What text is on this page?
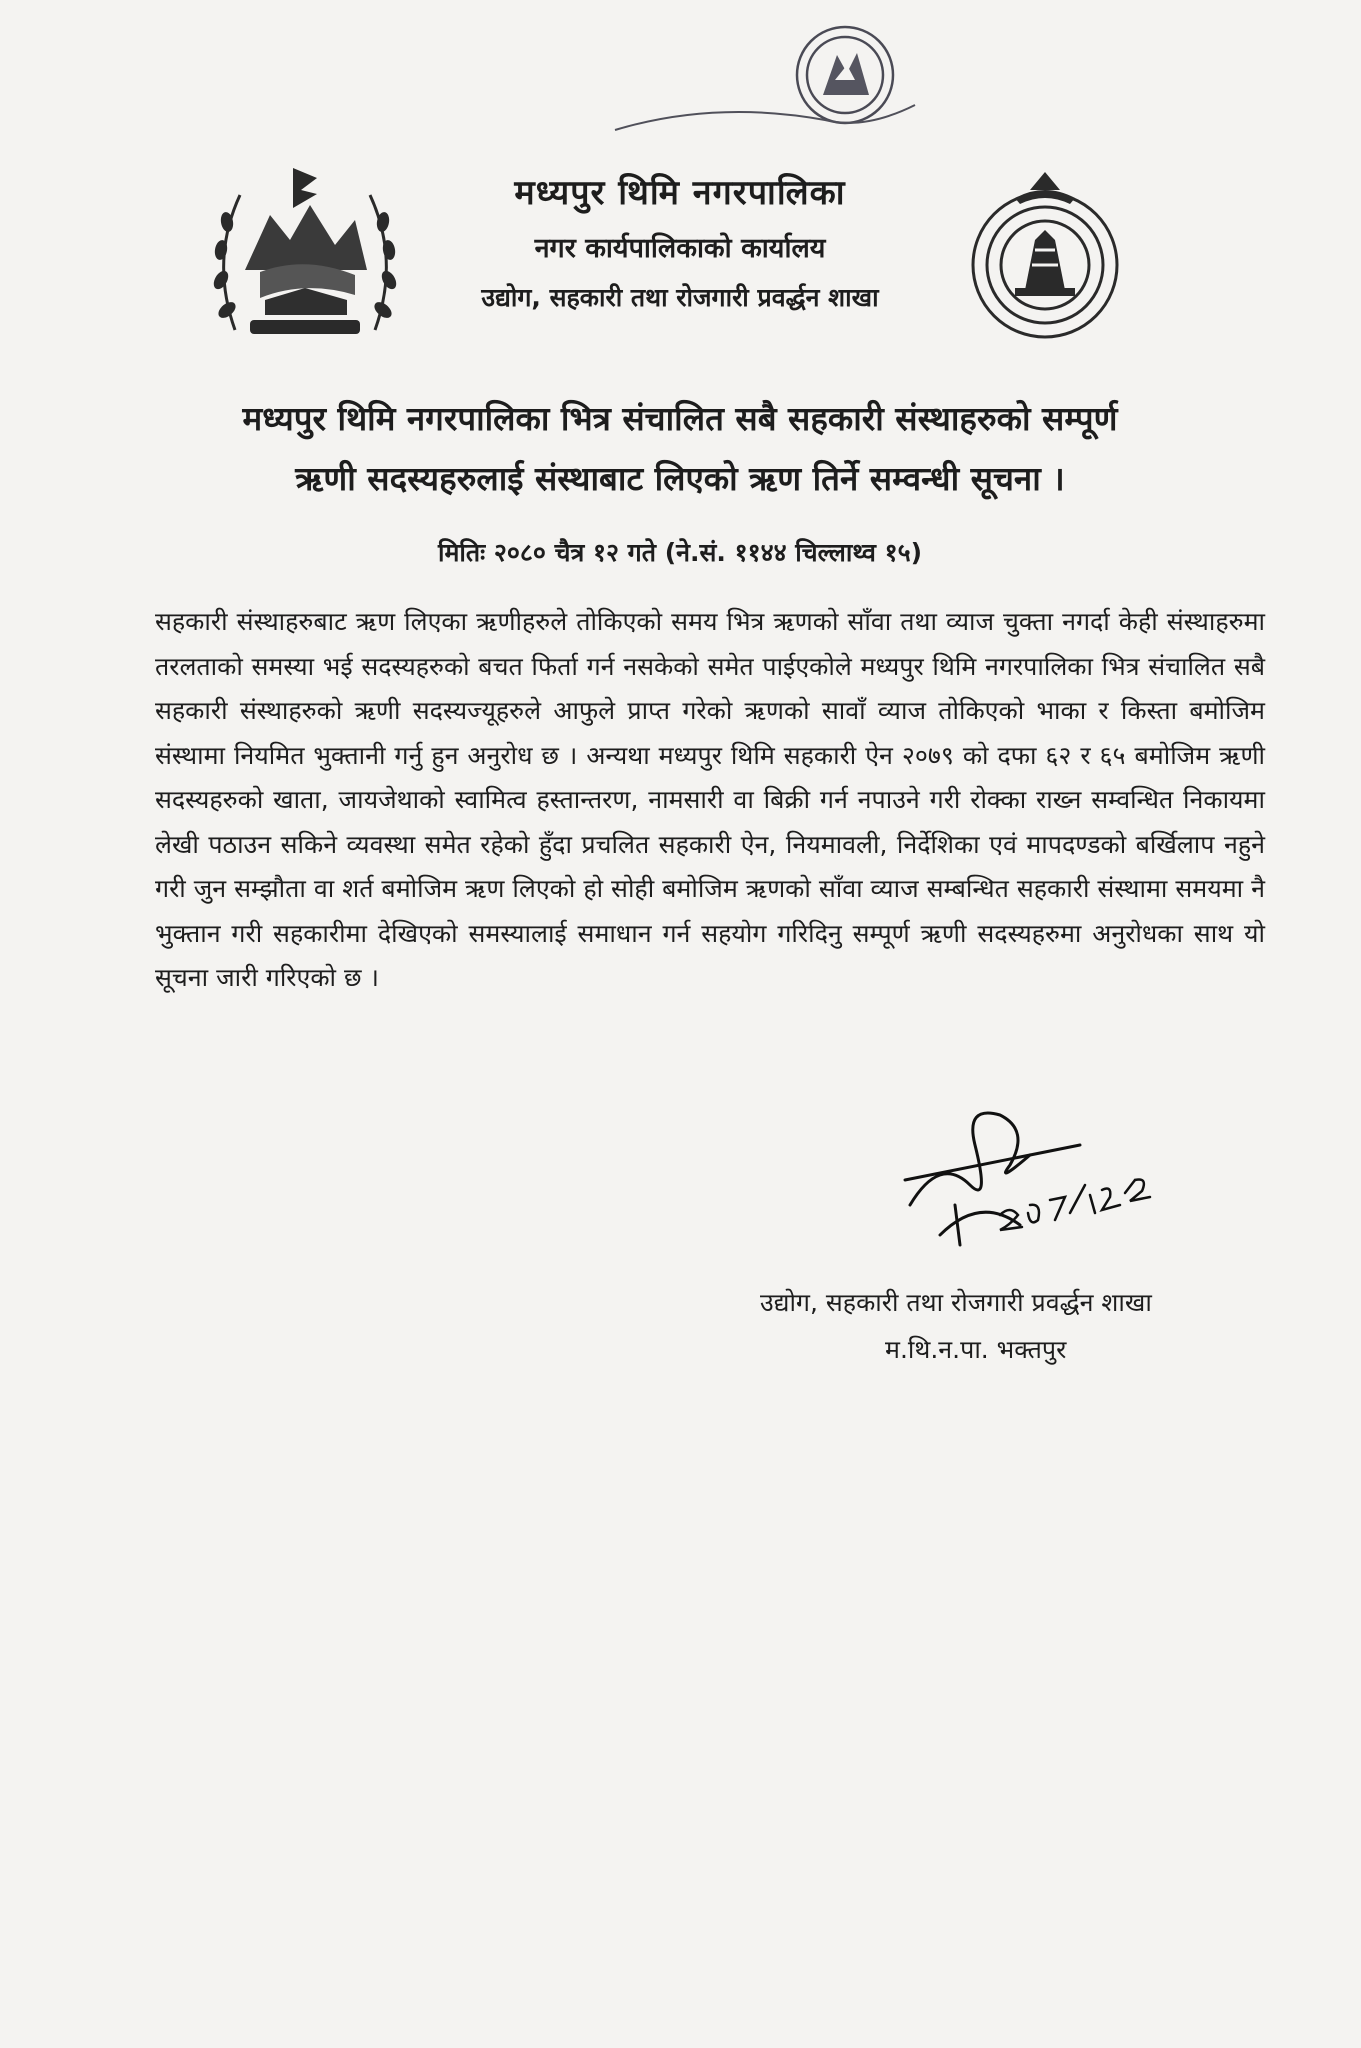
मध्यपुर थिमि नगरपालिका
नगर कार्यपालिकाको कार्यालय
उद्योग, सहकारी तथा रोजगारी प्रवर्द्धन शाखा
मध्यपुर थिमि नगरपालिका भित्र संचालित सबै सहकारी संस्थाहरुको सम्पूर्ण
ऋणी सदस्यहरुलाई संस्थाबाट लिएको ऋण तिर्ने सम्वन्धी सूचना ।
मितिः २०८० चैत्र १२ गते (ने.सं. ११४४ चिल्लाथ्व १५)
सहकारी संस्थाहरुबाट ऋण लिएका ऋणीहरुले तोकिएको समय भित्र ऋणको साँवा तथा व्याज चुक्ता नगर्दा केही संस्थाहरुमा तरलताको समस्या भई सदस्यहरुको बचत फिर्ता गर्न नसकेको समेत पाईएकोले मध्यपुर थिमि नगरपालिका भित्र संचालित सबै सहकारी संस्थाहरुको ऋणी सदस्यज्यूहरुले आफुले प्राप्त गरेको ऋणको सावाँ व्याज तोकिएको भाका र किस्ता बमोजिम संस्थामा नियमित भुक्तानी गर्नु हुन अनुरोध छ । अन्यथा मध्यपुर थिमि सहकारी ऐन २०७९ को दफा ६२ र ६५ बमोजिम ऋणी सदस्यहरुको खाता, जायजेथाको स्वामित्व हस्तान्तरण, नामसारी वा बिक्री गर्न नपाउने गरी रोक्का राख्न सम्वन्धित निकायमा लेखी पठाउन सकिने व्यवस्था समेत रहेको हुँदा प्रचलित सहकारी ऐन, नियमावली, निर्देशिका एवं मापदण्डको बर्खिलाप नहुने गरी जुन सम्झौता वा शर्त बमोजिम ऋण लिएको हो सोही बमोजिम ऋणको साँवा व्याज सम्बन्धित सहकारी संस्थामा समयमा नै भुक्तान गरी सहकारीमा देखिएको समस्यालाई समाधान गर्न सहयोग गरिदिनु सम्पूर्ण ऋणी सदस्यहरुमा अनुरोधका साथ यो सूचना जारी गरिएको छ ।
उद्योग, सहकारी तथा रोजगारी प्रवर्द्धन शाखा
म.थि.न.पा. भक्तपुर
